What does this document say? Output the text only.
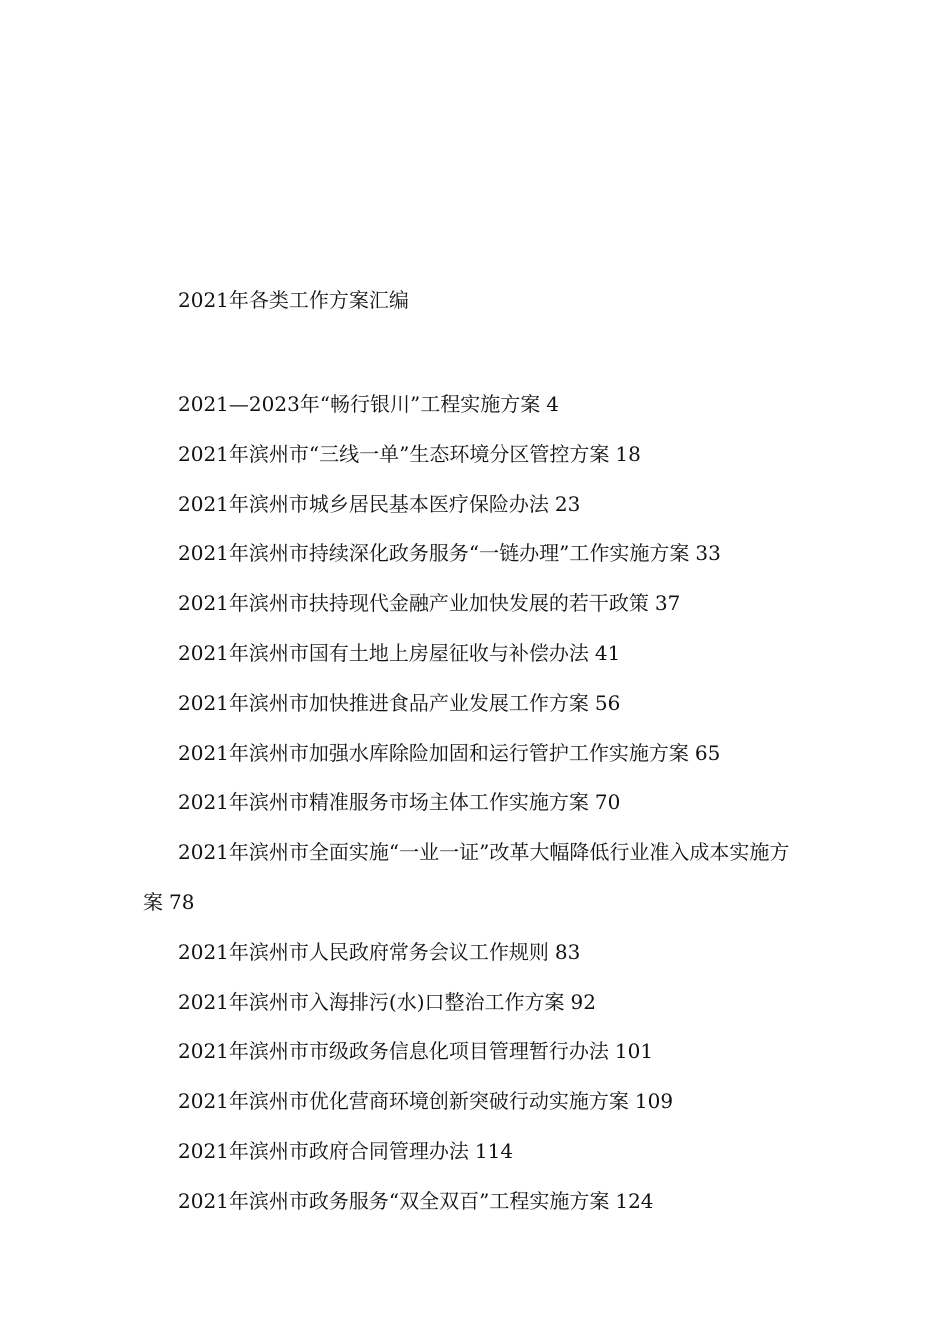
2021年各类工作方案汇编
2021—2023年“畅行银川”工程实施方案 4
2021年滨州市“三线一单”生态环境分区管控方案 18
2021年滨州市城乡居民基本医疗保险办法 23
2021年滨州市持续深化政务服务“一链办理”工作实施方案 33
2021年滨州市扶持现代金融产业加快发展的若干政策 37
2021年滨州市国有土地上房屋征收与补偿办法 41
2021年滨州市加快推进食品产业发展工作方案 56
2021年滨州市加强水库除险加固和运行管护工作实施方案 65
2021年滨州市精准服务市场主体工作实施方案 70
2021年滨州市全面实施“一业一证”改革大幅降低行业准入成本实施方案 78
2021年滨州市人民政府常务会议工作规则 83
2021年滨州市入海排污(水)口整治工作方案 92
2021年滨州市市级政务信息化项目管理暂行办法 101
2021年滨州市优化营商环境创新突破行动实施方案 109
2021年滨州市政府合同管理办法 114
2021年滨州市政务服务“双全双百”工程实施方案 124
